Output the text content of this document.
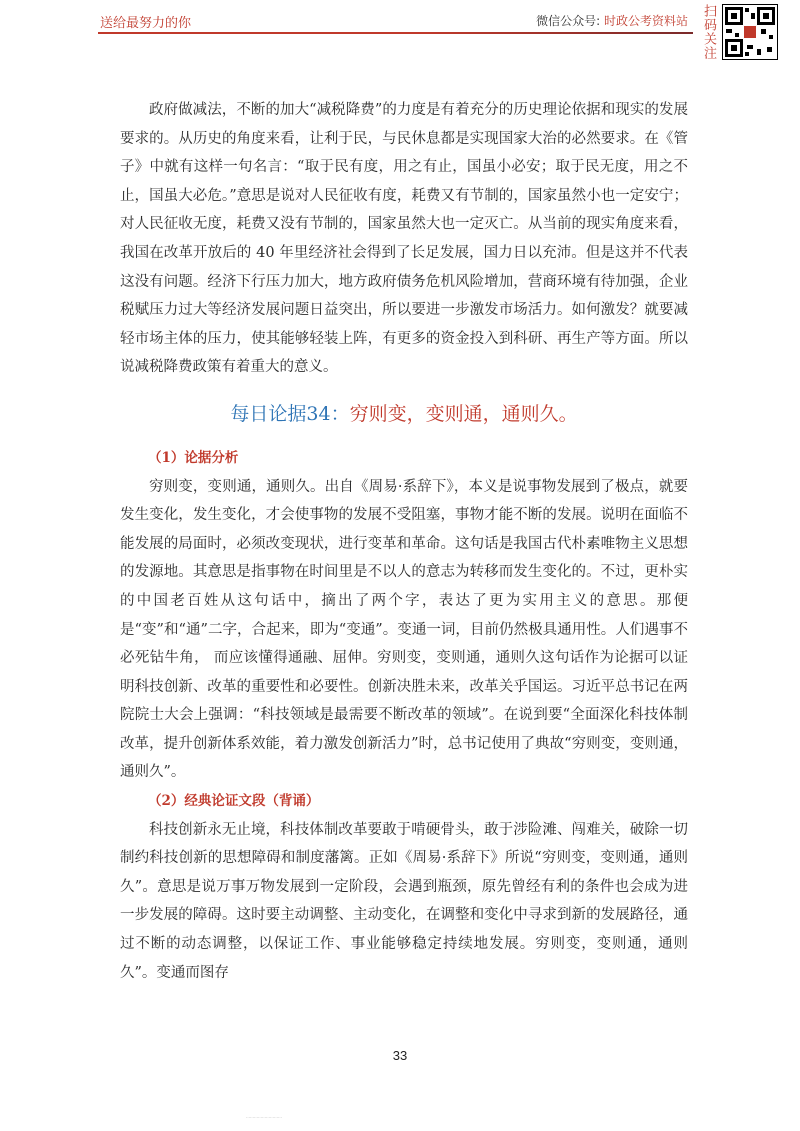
送给最努力的你	微信公众号: 时政公考资料站 扫码关注

政府做减法，不断的加大“减税降费”的力度是有着充分的历史理论依据和现实的发展要求的。从历史的角度来看，让利于民，与民休息都是实现国家大治的必然要求。在《管子》中就有这样一句名言：“取于民有度，用之有止，国虽小必安；取于民无度，用之不止，国虽大必危。”意思是说对人民征收有度，耗费又有节制的，国家虽然小也一定安宁；对人民征收无度，耗费又没有节制的，国家虽然大也一定灭亡。从当前的现实角度来看，我国在改革开放后的 40 年里经济社会得到了长足发展，国力日以充沛。但是这并不代表这没有问题。经济下行压力加大，地方政府债务危机风险增加，营商环境有待加强，企业税赋压力过大等经济发展问题日益突出，所以要进一步激发市场活力。如何激发？就要减轻市场主体的压力，使其能够轻装上阵，有更多的资金投入到科研、再生产等方面。所以说减税降费政策有着重大的意义。

每日论据34：穷则变，变则通，通则久。
（1）论据分析

穷则变，变则通，通则久。出自《周易·系辞下》，本义是说事物发展到了极点，就要发生变化，发生变化，才会使事物的发展不受阻塞，事物才能不断的发展。说明在面临不能发展的局面时，必须改变现状，进行变革和革命。这句话是我国古代朴素唯物主义思想的发源地。其意思是指事物在时间里是不以人的意志为转移而发生变化的。不过，更朴实的中国老百姓从这句话中，摘出了两个字，表达了更为实用主义的意思。那便是“变”和“通”二字，合起来，即为“变通”。变通一词，目前仍然极具通用性。人们遇事不必死钻牛角， 而应该懂得通融、屈伸。穷则变，变则通，通则久这句话作为论据可以证明科技创新、改革的重要性和必要性。创新决胜未来，改革关乎国运。习近平总书记在两院院士大会上强调：“科技领域是最需要不断改革的领域”。在说到要“全面深化科技体制改革，提升创新体系效能，着力激发创新活力”时，总书记使用了典故“穷则变，变则通，通则久”。

（2）经典论证文段（背诵）

科技创新永无止境，科技体制改革要敢于啃硬骨头，敢于涉险滩、闯难关，破除一切制约科技创新的思想障碍和制度藩篱。正如《周易·系辞下》所说“穷则变，变则通，通则久”。意思是说万事万物发展到一定阶段，会遇到瓶颈，原先曾经有利的条件也会成为进一步发展的障碍。这时要主动调整、主动变化，在调整和变化中寻求到新的发展路径，通过不断的动态调整，以保证工作、事业能够稳定持续地发展。穷则变，变则通，通则久”。变通而图存

33
………………………
